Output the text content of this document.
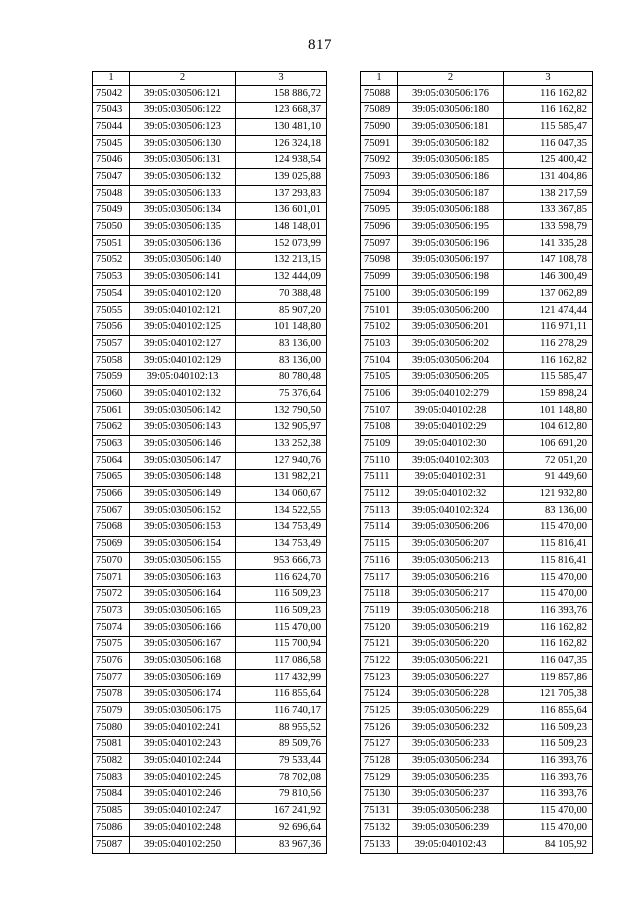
817
1	2	3
75042	39:05:030506:121	158 886,72
75043	39:05:030506:122	123 668,37
75044	39:05:030506:123	130 481,10
75045	39:05:030506:130	126 324,18
75046	39:05:030506:131	124 938,54
75047	39:05:030506:132	139 025,88
75048	39:05:030506:133	137 293,83
75049	39:05:030506:134	136 601,01
75050	39:05:030506:135	148 148,01
75051	39:05:030506:136	152 073,99
75052	39:05:030506:140	132 213,15
75053	39:05:030506:141	132 444,09
75054	39:05:040102:120	70 388,48
75055	39:05:040102:121	85 907,20
75056	39:05:040102:125	101 148,80
75057	39:05:040102:127	83 136,00
75058	39:05:040102:129	83 136,00
75059	39:05:040102:13	80 780,48
75060	39:05:040102:132	75 376,64
75061	39:05:030506:142	132 790,50
75062	39:05:030506:143	132 905,97
75063	39:05:030506:146	133 252,38
75064	39:05:030506:147	127 940,76
75065	39:05:030506:148	131 982,21
75066	39:05:030506:149	134 060,67
75067	39:05:030506:152	134 522,55
75068	39:05:030506:153	134 753,49
75069	39:05:030506:154	134 753,49
75070	39:05:030506:155	953 666,73
75071	39:05:030506:163	116 624,70
75072	39:05:030506:164	116 509,23
75073	39:05:030506:165	116 509,23
75074	39:05:030506:166	115 470,00
75075	39:05:030506:167	115 700,94
75076	39:05:030506:168	117 086,58
75077	39:05:030506:169	117 432,99
75078	39:05:030506:174	116 855,64
75079	39:05:030506:175	116 740,17
75080	39:05:040102:241	88 955,52
75081	39:05:040102:243	89 509,76
75082	39:05:040102:244	79 533,44
75083	39:05:040102:245	78 702,08
75084	39:05:040102:246	79 810,56
75085	39:05:040102:247	167 241,92
75086	39:05:040102:248	92 696,64
75087	39:05:040102:250	83 967,36
1	2	3
75088	39:05:030506:176	116 162,82
75089	39:05:030506:180	116 162,82
75090	39:05:030506:181	115 585,47
75091	39:05:030506:182	116 047,35
75092	39:05:030506:185	125 400,42
75093	39:05:030506:186	131 404,86
75094	39:05:030506:187	138 217,59
75095	39:05:030506:188	133 367,85
75096	39:05:030506:195	133 598,79
75097	39:05:030506:196	141 335,28
75098	39:05:030506:197	147 108,78
75099	39:05:030506:198	146 300,49
75100	39:05:030506:199	137 062,89
75101	39:05:030506:200	121 474,44
75102	39:05:030506:201	116 971,11
75103	39:05:030506:202	116 278,29
75104	39:05:030506:204	116 162,82
75105	39:05:030506:205	115 585,47
75106	39:05:040102:279	159 898,24
75107	39:05:040102:28	101 148,80
75108	39:05:040102:29	104 612,80
75109	39:05:040102:30	106 691,20
75110	39:05:040102:303	72 051,20
75111	39:05:040102:31	91 449,60
75112	39:05:040102:32	121 932,80
75113	39:05:040102:324	83 136,00
75114	39:05:030506:206	115 470,00
75115	39:05:030506:207	115 816,41
75116	39:05:030506:213	115 816,41
75117	39:05:030506:216	115 470,00
75118	39:05:030506:217	115 470,00
75119	39:05:030506:218	116 393,76
75120	39:05:030506:219	116 162,82
75121	39:05:030506:220	116 162,82
75122	39:05:030506:221	116 047,35
75123	39:05:030506:227	119 857,86
75124	39:05:030506:228	121 705,38
75125	39:05:030506:229	116 855,64
75126	39:05:030506:232	116 509,23
75127	39:05:030506:233	116 509,23
75128	39:05:030506:234	116 393,76
75129	39:05:030506:235	116 393,76
75130	39:05:030506:237	116 393,76
75131	39:05:030506:238	115 470,00
75132	39:05:030506:239	115 470,00
75133	39:05:040102:43	84 105,92
